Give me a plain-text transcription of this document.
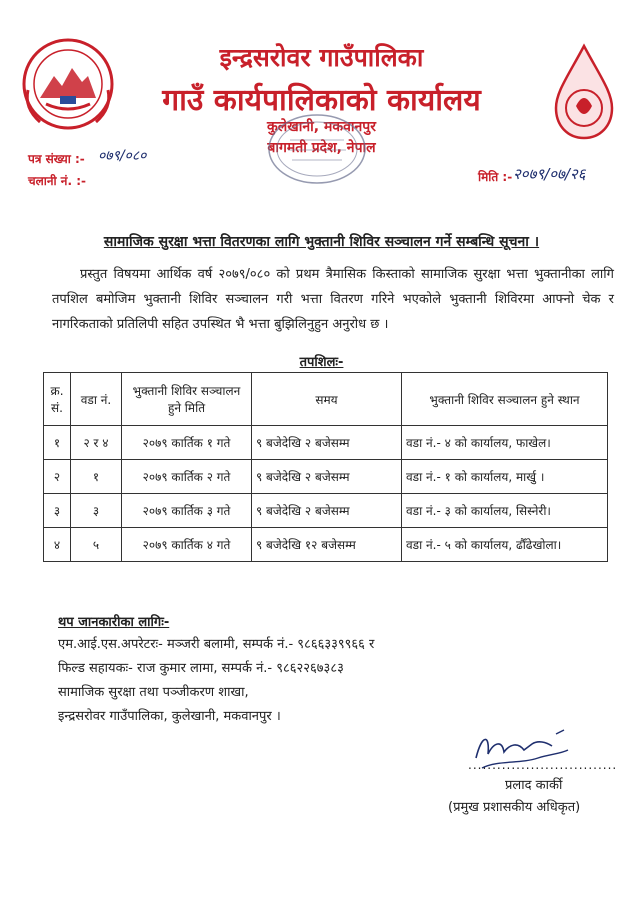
इन्द्रसरोवर गाउँपालिका
गाउँ कार्यपालिकाको कार्यालय
कुलेखानी, मकवानपुर
बागमती प्रदेश, नेपाल
पत्र संख्या :- ०७९/०८०
चलानी नं. :-	मिति :- २०७९/०७/२६
सामाजिक सुरक्षा भत्ता वितरणका लागि भुक्तानी शिविर सञ्चालन गर्ने सम्बन्धि सूचना ।

प्रस्तुत विषयमा आर्थिक वर्ष २०७९/०८० को प्रथम त्रैमासिक किस्ताको सामाजिक सुरक्षा भत्ता भुक्तानीका लागि तपशिल बमोजिम भुक्तानी शिविर सञ्चालन गरी भत्ता वितरण गरिने भएकोले भुक्तानी शिविरमा आफ्नो चेक र नागरिकताको प्रतिलिपी सहित उपस्थित भै भत्ता बुझिलिनुहुन अनुरोध छ ।

तपशिलः-
क्र. सं.	वडा नं.	भुक्तानी शिविर सञ्चालन हुने मिति	समय	भुक्तानी शिविर सञ्चालन हुने स्थान
१	२ र ४	२०७९ कार्तिक १ गते	९ बजेदेखि २ बजेसम्म	वडा नं.- ४ को कार्यालय, फाखेल।
२	१	२०७९ कार्तिक २ गते	९ बजेदेखि २ बजेसम्म	वडा नं.- १ को कार्यालय, मार्खु ।
३	३	२०७९ कार्तिक ३ गते	९ बजेदेखि २ बजेसम्म	वडा नं.- ३ को कार्यालय, सिस्नेरी।
४	५	२०७९ कार्तिक ४ गते	९ बजेदेखि १२ बजेसम्म	वडा नं.- ५ को कार्यालय, ढौँढेखोला।
थप जानकारीका लागिः-
एम.आई.एस.अपरेटरः- मञ्जरी बलामी, सम्पर्क नं.- ९८६६३३९९६६ र
फिल्ड सहायकः- राज कुमार लामा, सम्पर्क नं.- ९८६२२६७३८३
सामाजिक सुरक्षा तथा पञ्जीकरण शाखा,
इन्द्रसरोवर गाउँपालिका, कुलेखानी, मकवानपुर ।
...............................
प्रलाद कार्की
(प्रमुख प्रशासकीय अधिकृत)
